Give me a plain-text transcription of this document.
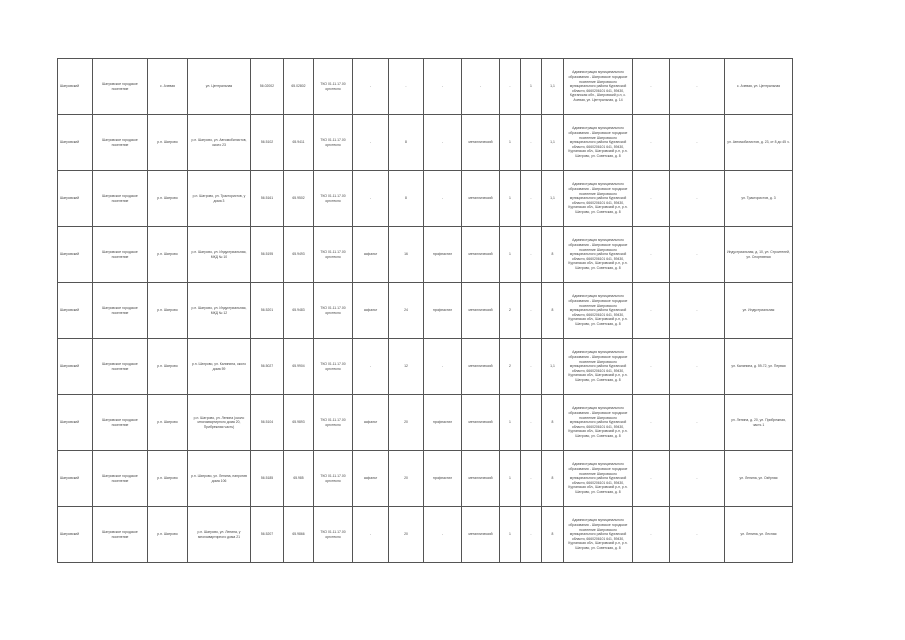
Шатровский	Шатровское городское поселение	с. Ачевая	ул. Центральная	56.02002	65.02802	ТКО 01.11.17.00 оргстекло	-	-	-	-	-	1	1,1	Администрация муниципального образования - Шатровское городское поселение Шатровского муниципального района Курганской области, 6660206101 641, 59430, Курганская обл., Шатровский р-н, с. Ачевая, ул. Центральная, д. 14	-	-	с. Ачевая, ул. Центральная
Шатровский	Шатровское городское поселение	р.п. Шатрово	р.п. Шатрово, ул. Автомобилистов, около 23	56.5102	65.9411	ТКО 01.11.17.00 оргстекло	-	8	-	металлический	1	-	1,1	Администрация муниципального образования - Шатровское городское поселение Шатровского муниципального района Курганской области, 6660206101 641, 59430, Курганская обл., Шатровский р-н, р.п. Шатрово, ул. Советская, д. 8	-	-	ул. Автомобилистов, д. 23, от 8 до 45 ч.
Шатровский	Шатровское городское поселение	р.п. Шатрово	р.п. Шатрово, ул. Трактористов, у дома 3	56.5161	65.9502	ТКО 01.11.17.00 оргстекло	-	8	-	металлический	1	-	1,1	Администрация муниципального образования - Шатровское городское поселение Шатровского муниципального района Курганской области, 6660206101 641, 59430, Курганская обл., Шатровский р-н, р.п. Шатрово, ул. Советская, д. 8	-	-	ул. Трактористов, д. 3
Шатровский	Шатровское городское поселение	р.п. Шатрово	р.п. Шатрово, ул. Индустриальная, МКД № 10	56.5195	65.9493	ТКО 01.11.17.00 оргстекло	асфальт	16	профнастил	металлический	1	-	8	Администрация муниципального образования - Шатровское городское поселение Шатровского муниципального района Курганской области, 6660206101 641, 59430, Курганская обл., Шатровский р-н, р.п. Шатрово, ул. Советская, д. 8	-	-	Индустриальная, д. 10, ул. Строителей, ул. Спортивная
Шатровский	Шатровское городское поселение	р.п. Шатрово	р.п. Шатрово, ул. Индустриальная, МКД № 12	56.5201	65.9483	ТКО 01.11.17.00 оргстекло	асфальт	24	профнастил	металлический	2	-	8	Администрация муниципального образования - Шатровское городское поселение Шатровского муниципального района Курганской области, 6660206101 641, 59430, Курганская обл., Шатровский р-н, р.п. Шатрово, ул. Советская, д. 8	-	-	ул. Индустриальная
Шатровский	Шатровское городское поселение	р.п. Шатрово	р.п. Шатрово, ул. Калинина, около дома 59	56.5027	65.9904	ТКО 01.11.17.00 оргстекло	-	12	-	металлический	2	-	1,1	Администрация муниципального образования - Шатровское городское поселение Шатровского муниципального района Курганской области, 6660206101 641, 59430, Курганская обл., Шатровский р-н, р.п. Шатрово, ул. Советская, д. 8	-	-	ул. Калинина, д. 59-72, ул. Первая
Шатровский	Шатровское городское поселение	р.п. Шатрово	р.п. Шатрово, ул. Ленина (около многоквартирного дома 20, Прибрежная часть)	56.5104	65.9893	ТКО 01.11.17.00 оргстекло	асфальт	20	профнастил	металлический	1	-	8	Администрация муниципального образования - Шатровское городское поселение Шатровского муниципального района Курганской области, 6660206101 641, 59430, Курганская обл., Шатровский р-н, р.п. Шатрово, ул. Советская, д. 8	-	-	ул. Ленина, д. 20, ул. Прибрежная, часть 1
Шатровский	Шатровское городское поселение	р.п. Шатрово	р.п. Шатрово, ул. Ленина, напротив дома 106	56.5185	65.985	ТКО 01.11.17.00 оргстекло	асфальт	20	профнастил	металлический	1	-	8	Администрация муниципального образования - Шатровское городское поселение Шатровского муниципального района Курганской области, 6660206101 641, 59430, Курганская обл., Шатровский р-н, р.п. Шатрово, ул. Советская, д. 8	-	-	ул. Ленина, ул. Озёрная
Шатровский	Шатровское городское поселение	р.п. Шатрово	р.п. Шатрово, ул. Ленина, у многоквартирного дома 21	56.5207	65.9866	ТКО 01.11.17.00 оргстекло	-	20	-	металлический	1	-	8	Администрация муниципального образования - Шатровское городское поселение Шатровского муниципального района Курганской области, 6660206101 641, 59430, Курганская обл., Шатровский р-н, р.п. Шатрово, ул. Советская, д. 8	-	-	ул. Ленина, ул. Лесная
